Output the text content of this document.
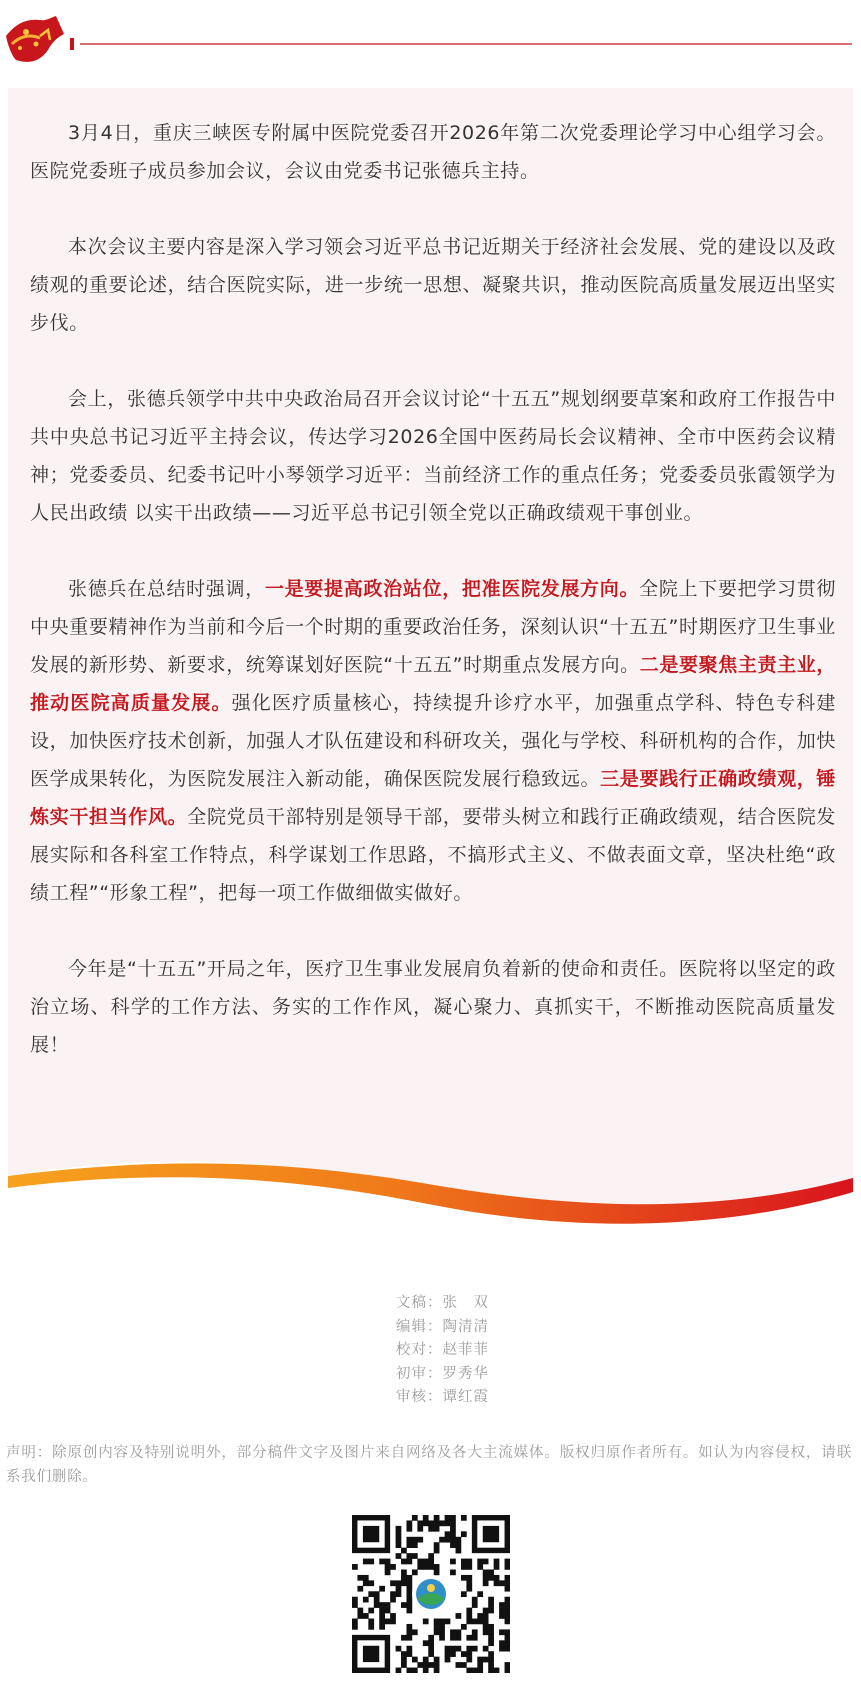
3月4日，重庆三峡医专附属中医院党委召开2026年第二次党委理论学习中心组学习会。医院党委班子成员参加会议，会议由党委书记张德兵主持。

本次会议主要内容是深入学习领会习近平总书记近期关于经济社会发展、党的建设以及政绩观的重要论述，结合医院实际，进一步统一思想、凝聚共识，推动医院高质量发展迈出坚实步伐。

会上，张德兵领学中共中央政治局召开会议讨论“十五五”规划纲要草案和政府工作报告中共中央总书记习近平主持会议，传达学习2026全国中医药局长会议精神、全市中医药会议精神；党委委员、纪委书记叶小琴领学习近平：当前经济工作的重点任务；党委委员张霞领学为人民出政绩 以实干出政绩——习近平总书记引领全党以正确政绩观干事创业。

张德兵在总结时强调，一是要提高政治站位，把准医院发展方向。全院上下要把学习贯彻中央重要精神作为当前和今后一个时期的重要政治任务，深刻认识“十五五”时期医疗卫生事业发展的新形势、新要求，统筹谋划好医院“十五五”时期重点发展方向。二是要聚焦主责主业，推动医院高质量发展。强化医疗质量核心，持续提升诊疗水平，加强重点学科、特色专科建设，加快医疗技术创新，加强人才队伍建设和科研攻关，强化与学校、科研机构的合作，加快医学成果转化，为医院发展注入新动能，确保医院发展行稳致远。三是要践行正确政绩观，锤炼实干担当作风。全院党员干部特别是领导干部，要带头树立和践行正确政绩观，结合医院发展实际和各科室工作特点，科学谋划工作思路，不搞形式主义、不做表面文章，坚决杜绝“政绩工程”“形象工程”，把每一项工作做细做实做好。

今年是“十五五”开局之年，医疗卫生事业发展肩负着新的使命和责任。医院将以坚定的政治立场、科学的工作方法、务实的工作作风，凝心聚力、真抓实干，不断推动医院高质量发展！

文稿：张　双
编辑：陶清清
校对：赵菲菲
初审：罗秀华
审核：谭红霞
声明：除原创内容及特别说明外，部分稿件文字及图片来自网络及各大主流媒体。版权归原作者所有。如认为内容侵权，请联系我们删除。
